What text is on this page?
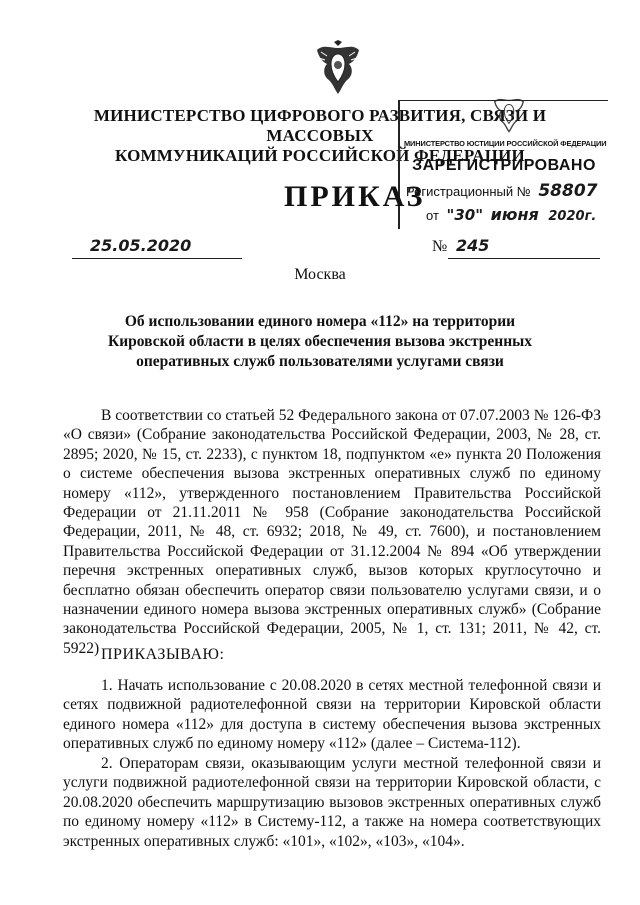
МИНИСТЕРСТВО ЦИФРОВОГО РАЗВИТИЯ, СВЯЗИ И МАССОВЫХ
КОММУНИКАЦИЙ РОССИЙСКОЙ ФЕДЕРАЦИИ
МИНИСТЕРСТВО ЮСТИЦИИ РОССИЙСКОЙ ФЕДЕРАЦИИ
ЗАРЕГИСТРИРОВАНО
Регистрационный № 58807
от "30" июня 2020г.
ПРИКАЗ
25.05.2020	№ 245
Москва
Об использовании единого номера «112» на территории Кировской области в целях обеспечения вызова экстренных оперативных служб пользователями услугами связи
В соответствии со статьей 52 Федерального закона от 07.07.2003 № 126-ФЗ «О связи» (Собрание законодательства Российской Федерации, 2003, № 28, ст. 2895; 2020, № 15, ст. 2233), с пунктом 18, подпунктом «е» пункта 20 Положения о системе обеспечения вызова экстренных оперативных служб по единому номеру «112», утвержденного постановлением Правительства Российской Федерации от 21.11.2011 № 958 (Собрание законодательства Российской Федерации, 2011, № 48, ст. 6932; 2018, № 49, ст. 7600), и постановлением Правительства Российской Федерации от 31.12.2004 № 894 «Об утверждении перечня экстренных оперативных служб, вызов которых круглосуточно и бесплатно обязан обеспечить оператор связи пользователю услугами связи, и о назначении единого номера вызова экстренных оперативных служб» (Собрание законодательства Российской Федерации, 2005, № 1, ст. 131; 2011, № 42, ст. 5922) ПРИКАЗЫВАЮ:
1. Начать использование с 20.08.2020 в сетях местной телефонной связи и сетях подвижной радиотелефонной связи на территории Кировской области единого номера «112» для доступа в систему обеспечения вызова экстренных оперативных служб по единому номеру «112» (далее – Система-112).
2. Операторам связи, оказывающим услуги местной телефонной связи и услуги подвижной радиотелефонной связи на территории Кировской области, с 20.08.2020 обеспечить маршрутизацию вызовов экстренных оперативных служб по единому номеру «112» в Систему-112, а также на номера соответствующих экстренных оперативных служб: «101», «102», «103», «104».
